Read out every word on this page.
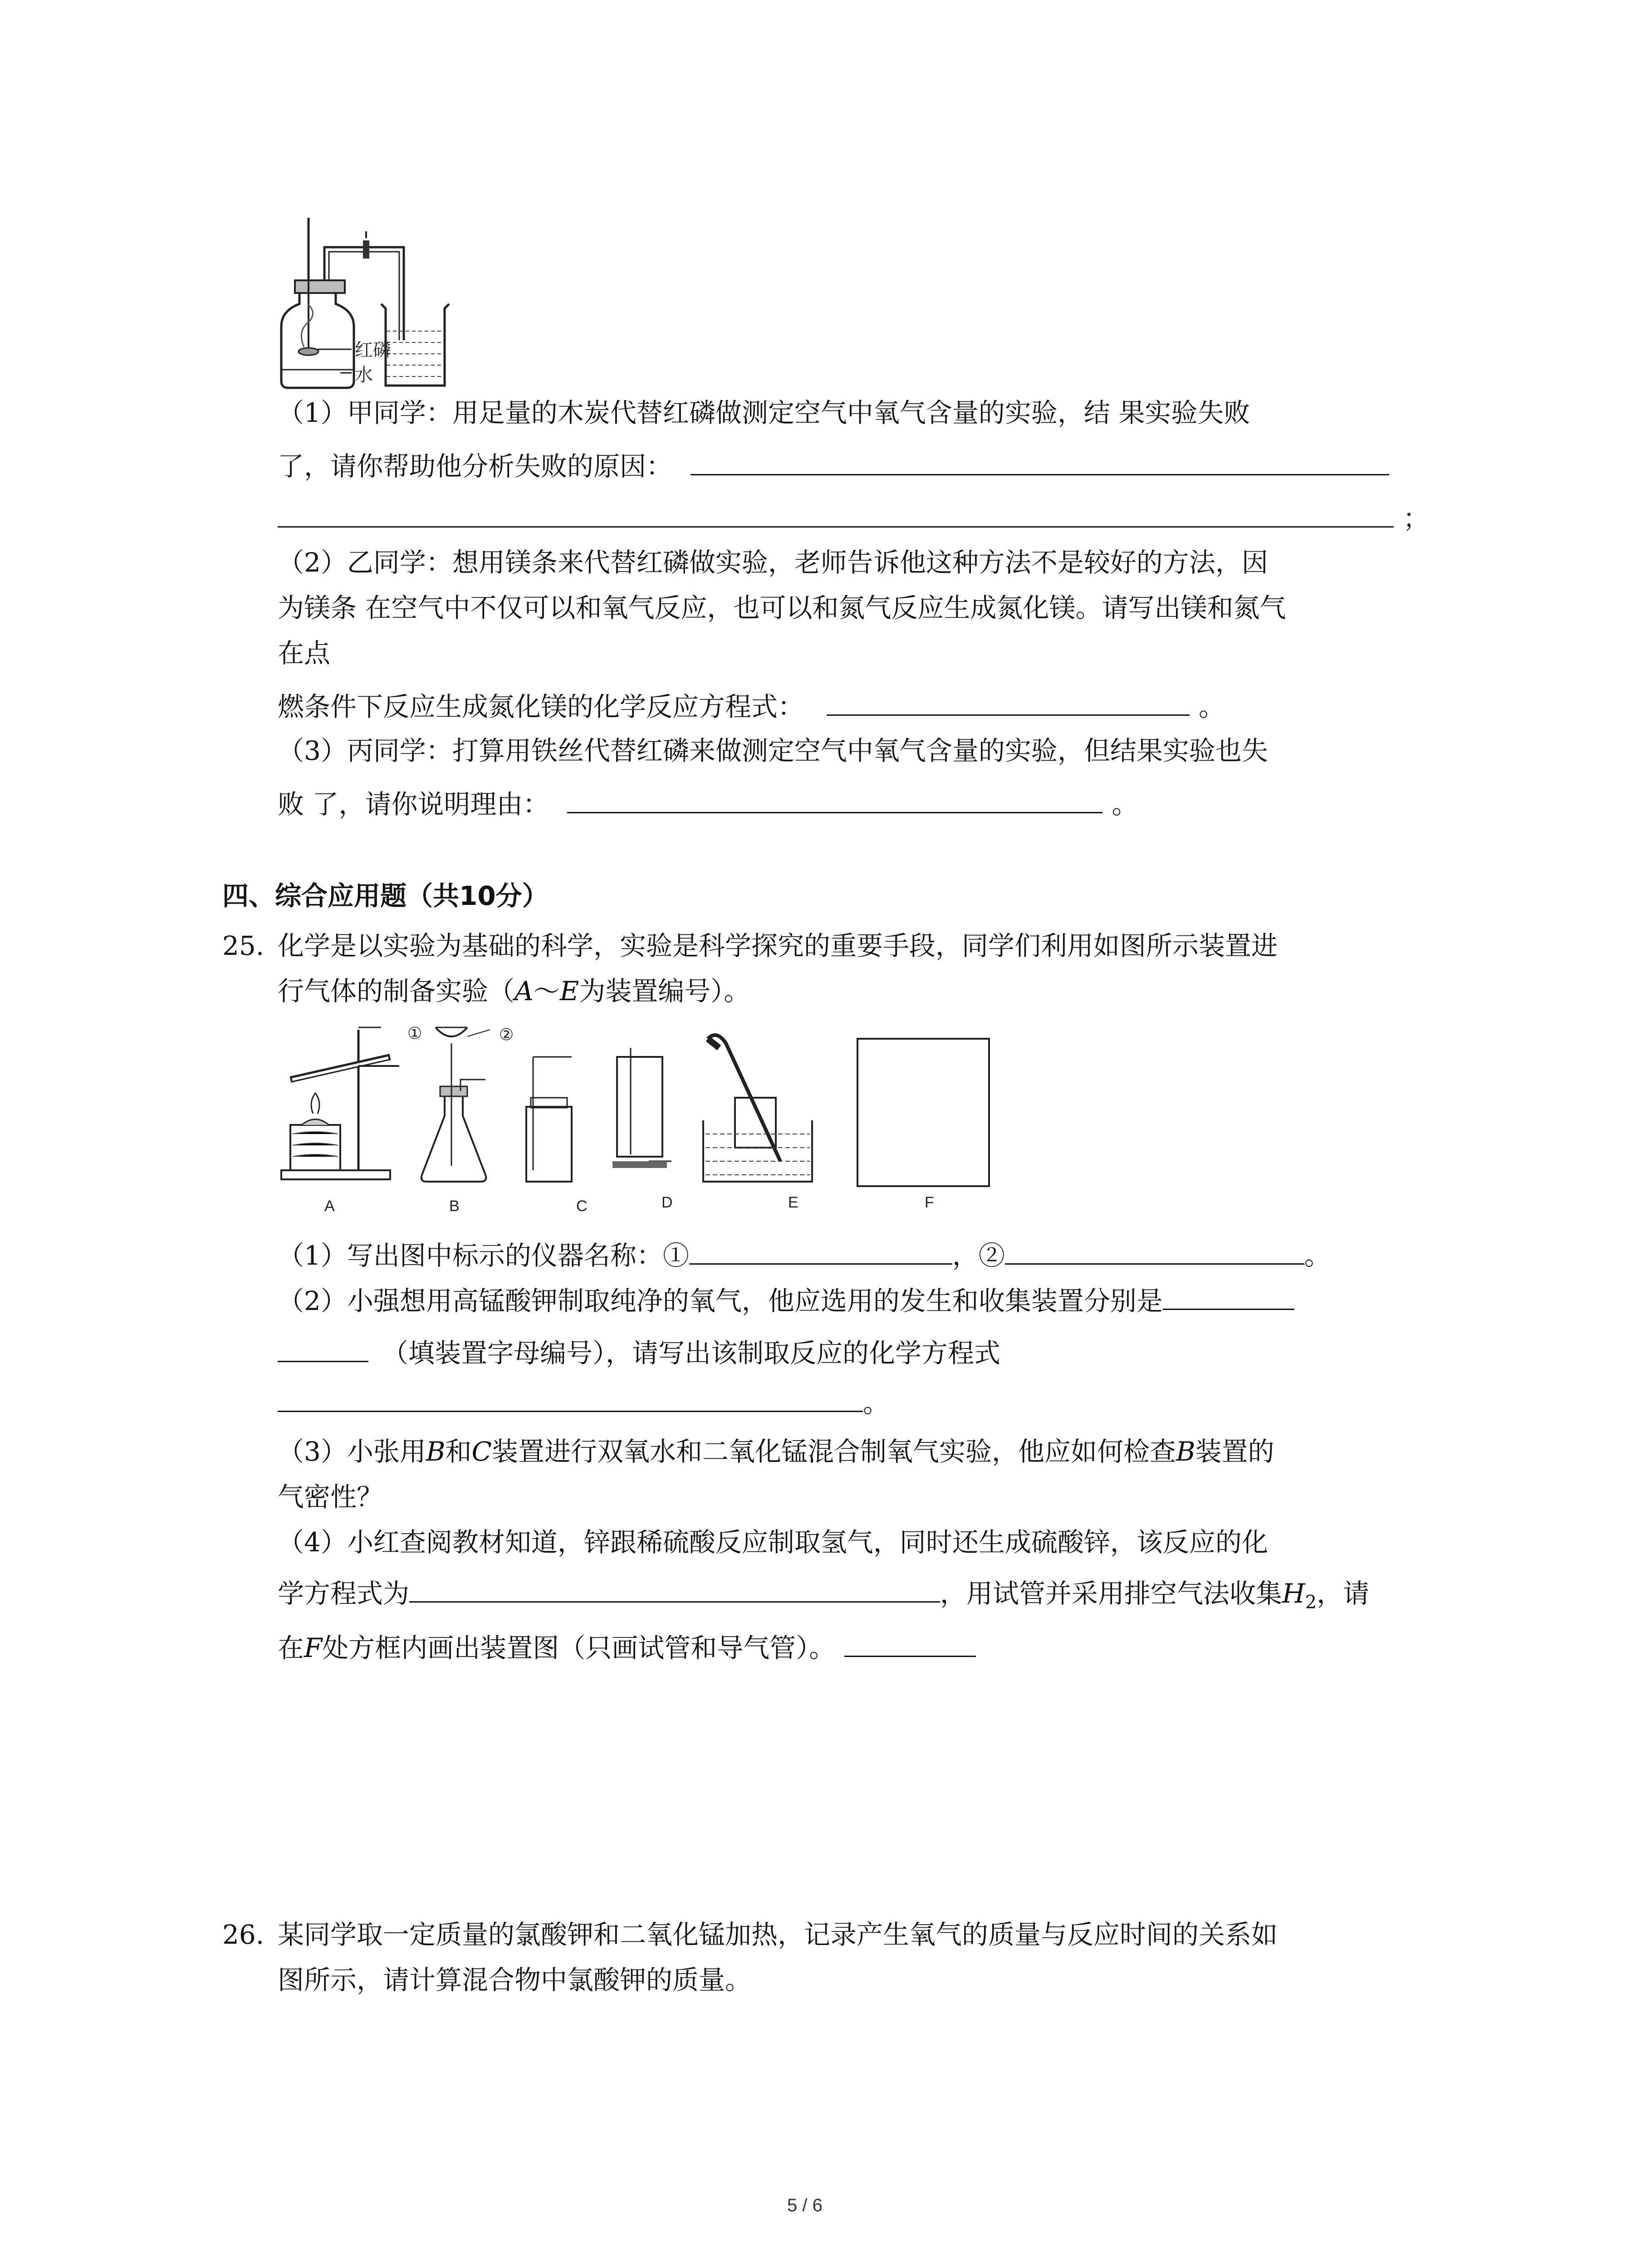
红磷
水
（1）甲同学：用足量的木炭代替红磷做测定空气中氧气含量的实验，结 果实验失败
了，请你帮助他分析失败的原因：
；
（2）乙同学：想用镁条来代替红磷做实验，老师告诉他这种方法不是较好的方法，因
为镁条 在空气中不仅可以和氧气反应，也可以和氮气反应生成氮化镁。请写出镁和氮气
在点
燃条件下反应生成氮化镁的化学反应方程式：	。
（3）丙同学：打算用铁丝代替红磷来做测定空气中氧气含量的实验，但结果实验也失
败 了，请你说明理由：	。
四、综合应用题（共10分）
25. 化学是以实验为基础的科学，实验是科学探究的重要手段，同学们利用如图所示装置进
行气体的制备实验（A～E为装置编号）。
①	②
A	B	C	D	E	F
（1）写出图中标示的仪器名称：①	，②	。
（2）小强想用高锰酸钾制取纯净的氧气，他应选用的发生和收集装置分别是
（填装置字母编号），请写出该制取反应的化学方程式
。
（3）小张用B和C装置进行双氧水和二氧化锰混合制氧气实验，他应如何检查B装置的
气密性？
（4）小红查阅教材知道，锌跟稀硫酸反应制取氢气，同时还生成硫酸锌，该反应的化
学方程式为	，用试管并采用排空气法收集$H_2$，请
在F处方框内画出装置图（只画试管和导气管）。
26. 某同学取一定质量的氯酸钾和二氧化锰加热，记录产生氧气的质量与反应时间的关系如
图所示，请计算混合物中氯酸钾的质量。
5 / 6
